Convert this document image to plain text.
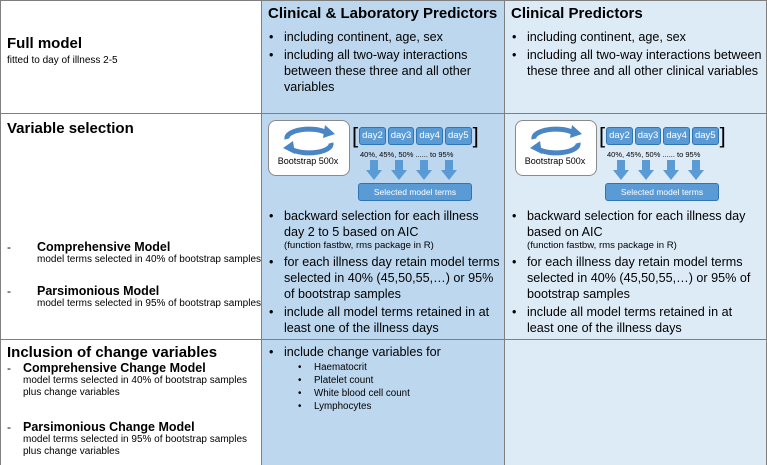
Full model
fitted to day of illness 2-5
Clinical & Laboratory Predictors
• including continent, age, sex
• including all two-way interactions between these three and all other variables
Clinical Predictors
• including continent, age, sex
• including all two-way interactions between these three and all other clinical variables
Variable selection
- Comprehensive Model
model terms selected in 40% of bootstrap samples
- Parsimonious Model
model terms selected in 95% of bootstrap samples
Bootstrap 500x
[ day2 day3 day4 day5 ]
40%, 45%, 50% ...... to 95%
Selected model terms
• backward selection for each illness day 2 to 5 based on AIC
(function fastbw, rms package in R)
• for each illness day retain model terms selected in 40% (45,50,55,…) or 95% of bootstrap samples
• include all model terms retained in at least one of the illness days
Bootstrap 500x
[ day2 day3 day4 day5 ]
40%, 45%, 50% ...... to 95%
Selected model terms
• backward selection for each illness day based on AIC
(function fastbw, rms package in R)
• for each illness day retain model terms selected in 40% (45,50,55,…) or 95% of bootstrap samples
• include all model terms retained in at least one of the illness days
Inclusion of change variables
- Comprehensive Change Model
model terms selected in 40% of bootstrap samples
plus change variables
- Parsimonious Change Model
model terms selected in 95% of bootstrap samples
plus change variables
• include change variables for
• Haematocrit
• Platelet count
• White blood cell count
• Lymphocytes
